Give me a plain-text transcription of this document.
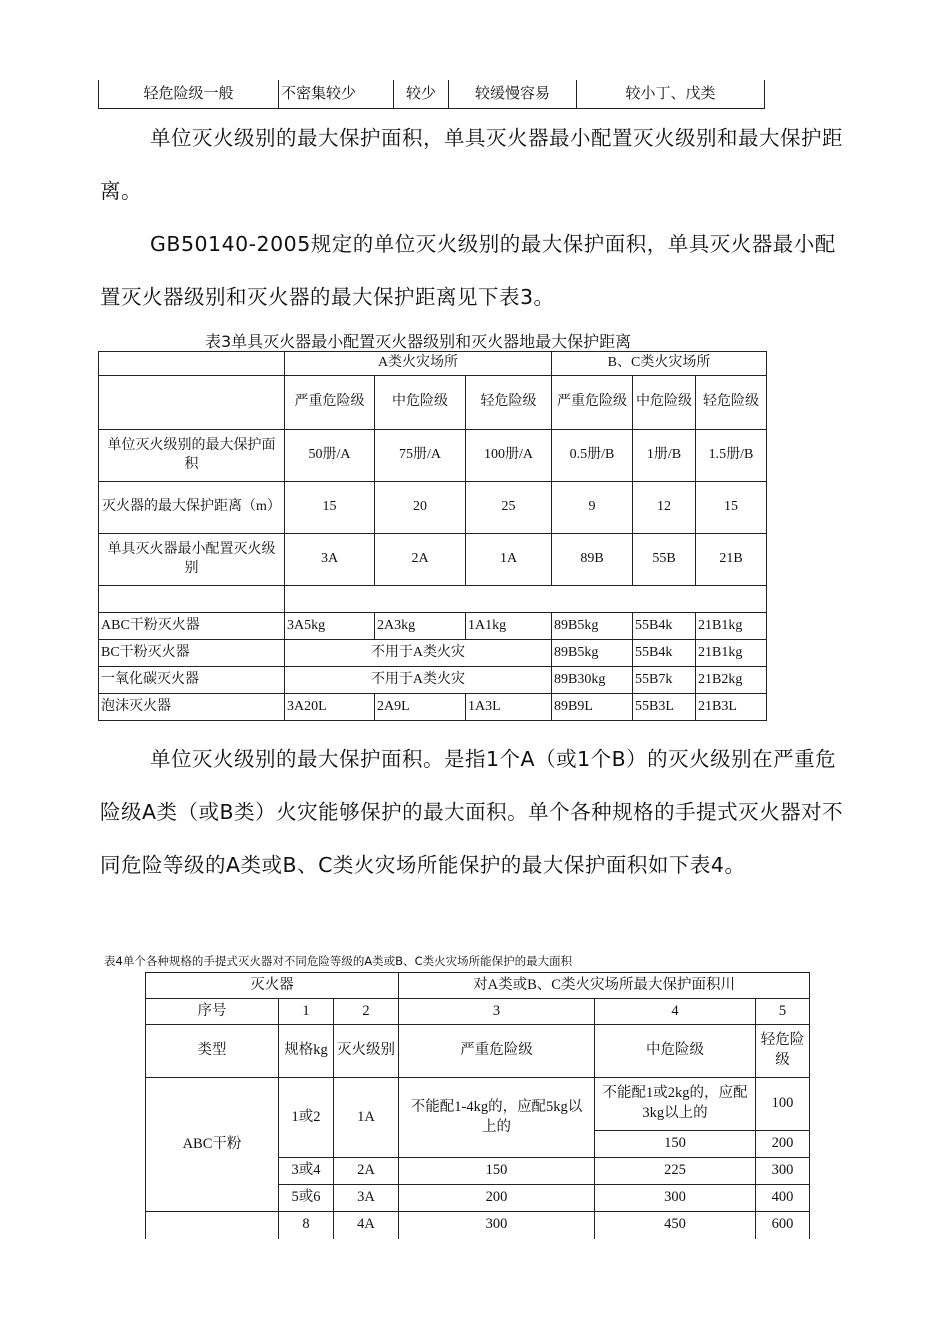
轻危险级一般	不密集较少	较少	较缓慢容易	较小丁、戊类

单位灭火级别的最大保护面积，单具灭火器最小配置灭火级别和最大保护距离。

GB50140-2005规定的单位灭火级别的最大保护面积，单具灭火器最小配置灭火器级别和灭火器的最大保护距离见下表3。

表3单具灭火器最小配置灭火器级别和灭火器地最大保护距离

	A类火灾场所			B、C类火灾场所		
	严重危险级	中危险级	轻危险级	严重危险级	中危险级	轻危险级
单位灭火级别的最大保护面积	50册/A	75册/A	100册/A	0.5册/B	1册/B	1.5册/B
灭火器的最大保护距离（m）	15	20	25	9	12	15
单具灭火器最小配置灭火级别	3A	2A	1A	89B	55B	21B

ABC干粉灭火器	3A5kg	2A3kg	1A1kg	89B5kg	55B4k	21B1kg
BC干粉灭火器	不用于A类火灾			89B5kg	55B4k	21B1kg
一氧化碳灭火器	不用于A类火灾			89B30kg	55B7k	21B2kg
泡沫灭火器	3A20L	2A9L	1A3L	89B9L	55B3L	21B3L

单位灭火级别的最大保护面积。是指1个A（或1个B）的灭火级别在严重危险级A类（或B类）火灾能够保护的最大面积。单个各种规格的手提式灭火器对不同危险等级的A类或B、C类火灾场所能保护的最大保护面积如下表4。

表4单个各种规格的手提式灭火器对不同危险等级的A类或B、C类火灾场所能保护的最大面积

灭火器			对A类或B、C类火灾场所最大保护面积川		
序号	1	2	3	4	5
类型	规格kg	灭火级别	严重危险级	中危险级	轻危险级
ABC干粉	1或2	1A	不能配1-4kg的，应配5kg以上的	不能配1或2kg的，应配3kg以上的	100
				150	200
	3或4	2A	150	225	300
	5或6	3A	200	300	400
	8	4A	300	450	600
